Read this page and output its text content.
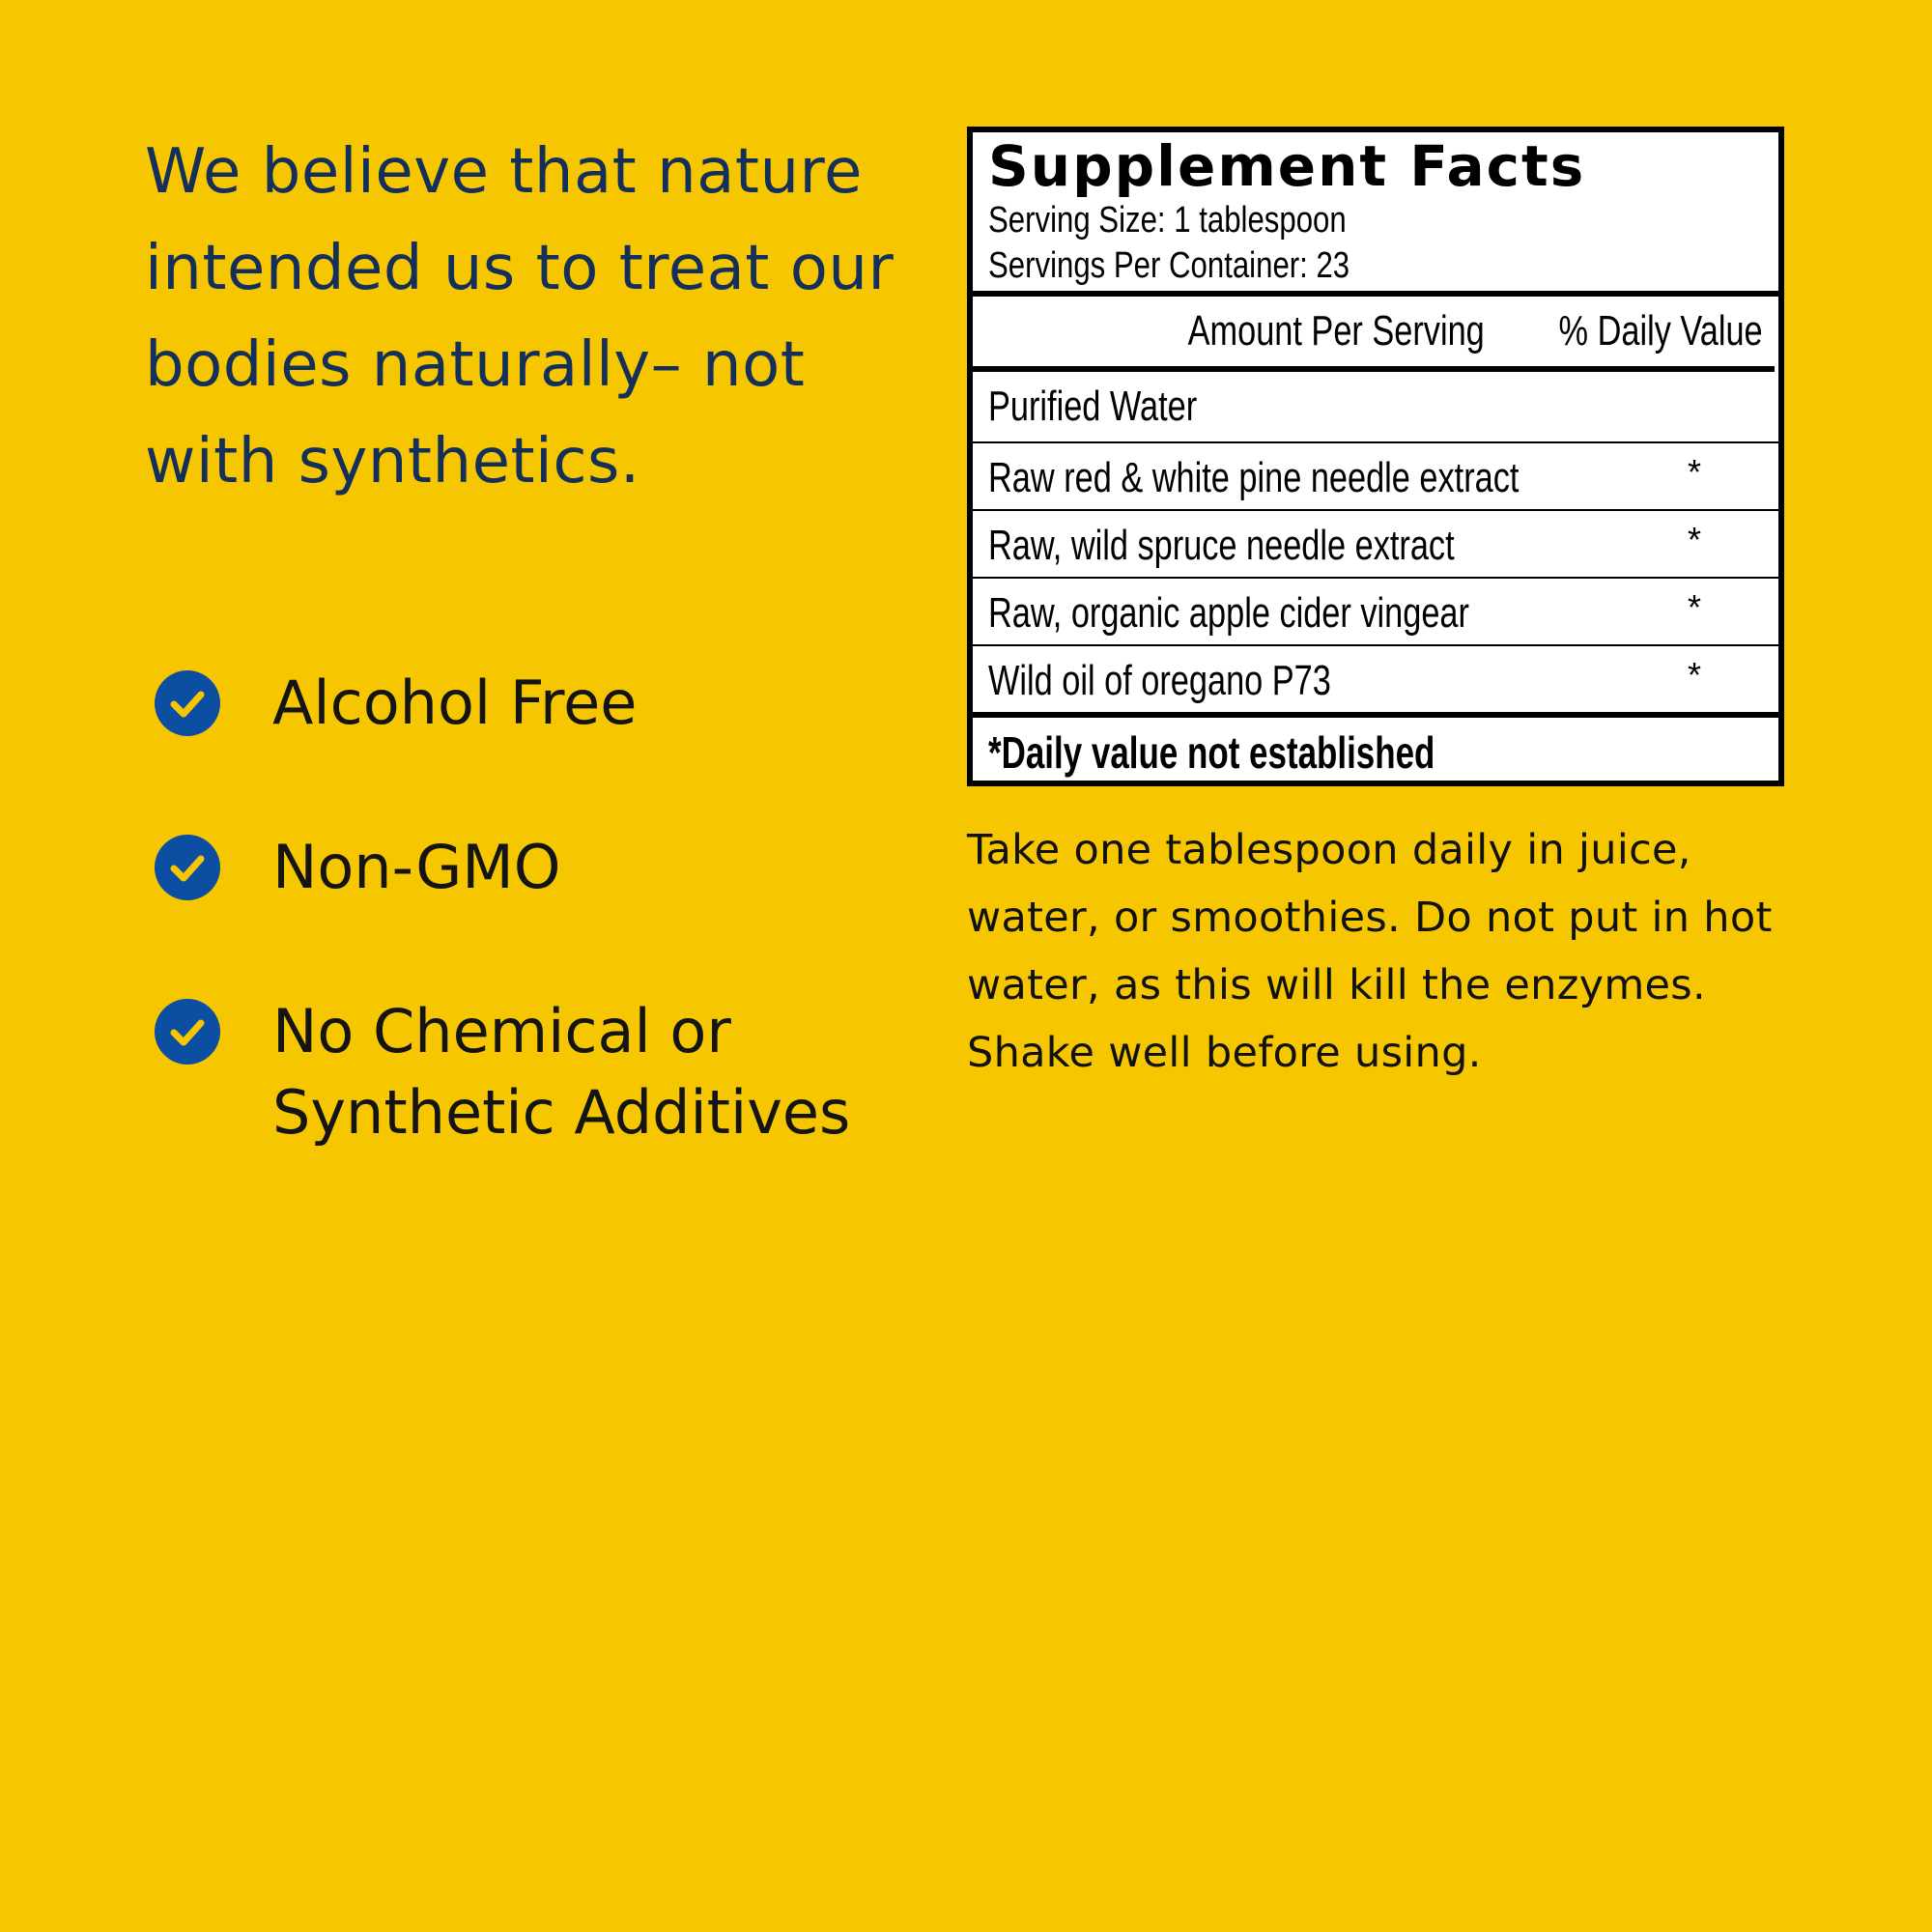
We believe that nature intended us to treat our bodies naturally– not with synthetics.
Alcohol Free
Non-GMO
No Chemical or
Synthetic Additives
Supplement Facts
Serving Size: 1 tablespoon
Servings Per Container: 23
Amount Per Serving % Daily Value
Purified Water
Raw red & white pine needle extract	*
Raw, wild spruce needle extract	*
Raw, organic apple cider vingear	*
Wild oil of oregano P73	*
*Daily value not established

Take one tablespoon daily in juice, water, or smoothies. Do not put in hot water, as this will kill the enzymes. Shake well before using.
